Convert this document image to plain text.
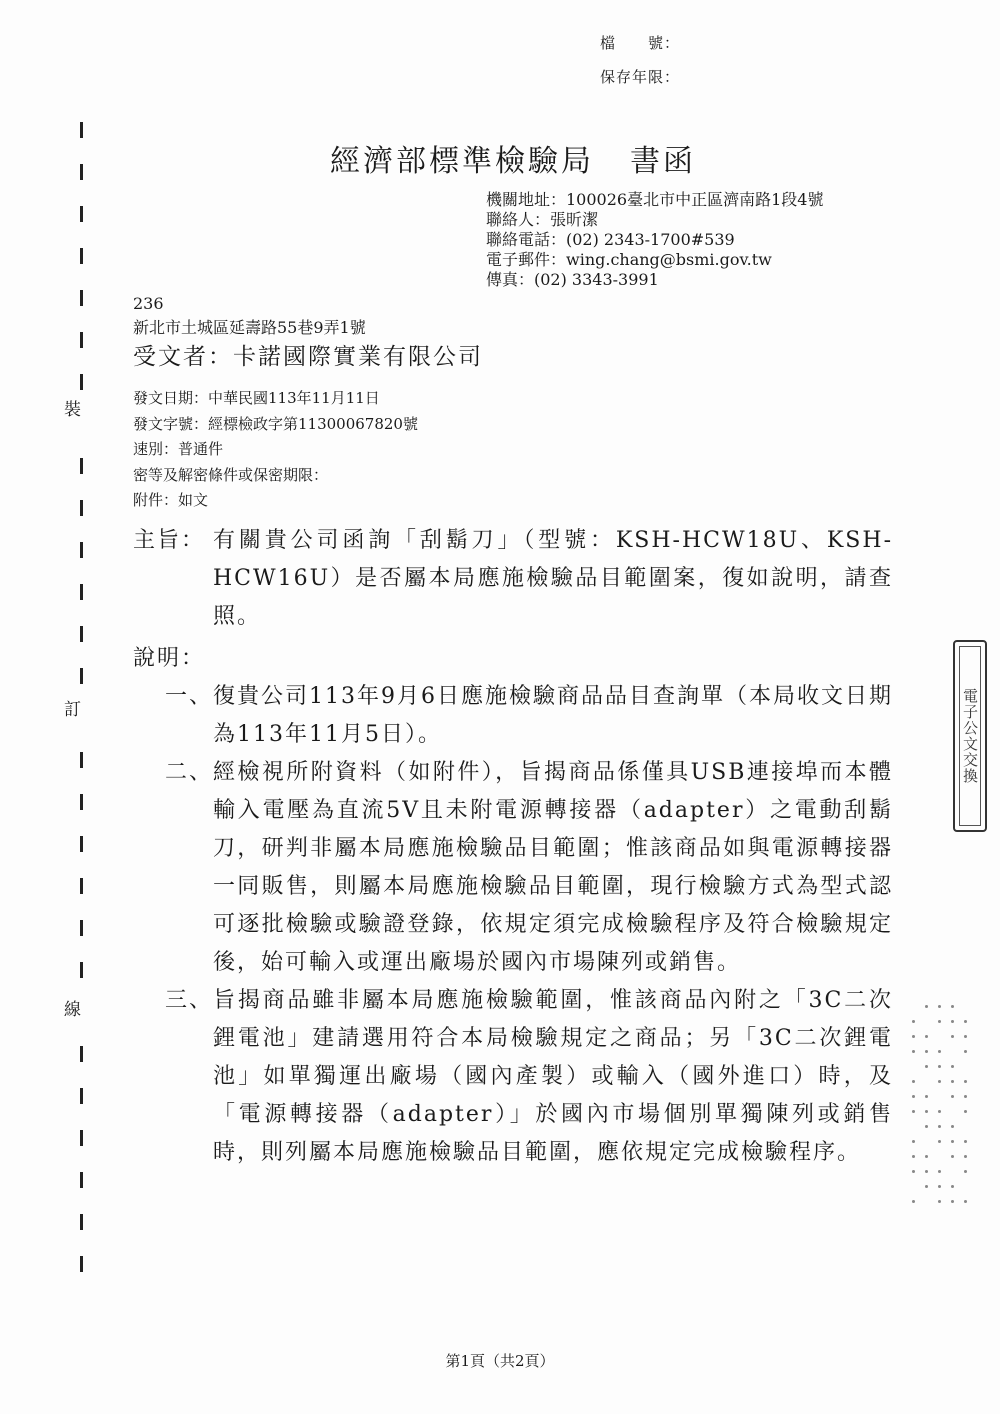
檔　　號：
保存年限：
裝
訂
線
經濟部標準檢驗局 書函
機關地址：100026臺北市中正區濟南路1段4號
聯絡人：張昕潔
聯絡電話：(02) 2343-1700#539
電子郵件：wing.chang@bsmi.gov.tw
傳真：(02) 3343-3991
236
新北市土城區延壽路55巷9弄1號
受文者：卡諾國際實業有限公司
發文日期：中華民國113年11月11日
發文字號：經標檢政字第11300067820號
速別：普通件
密等及解密條件或保密期限：
附件：如文
主旨： 有關貴公司函詢「刮鬍刀」（型號：KSH-HCW18U、KSH-HCW16U）是否屬本局應施檢驗品目範圍案，復如說明，請查照。
說明：
一、 復貴公司113年9月6日應施檢驗商品品目查詢單（本局收文日期為113年11月5日）。
二、 經檢視所附資料（如附件），旨揭商品係僅具USB連接埠而本體輸入電壓為直流5V且未附電源轉接器（adapter）之電動刮鬍刀，研判非屬本局應施檢驗品目範圍；惟該商品如與電源轉接器一同販售，則屬本局應施檢驗品目範圍，現行檢驗方式為型式認可逐批檢驗或驗證登錄，依規定須完成檢驗程序及符合檢驗規定後，始可輸入或運出廠場於國內市場陳列或銷售。
三、 旨揭商品雖非屬本局應施檢驗範圍，惟該商品內附之「3C二次鋰電池」建請選用符合本局檢驗規定之商品；另「3C二次鋰電池」如單獨運出廠場（國內產製）或輸入（國外進口）時，及「電源轉接器（adapter）」於國內市場個別單獨陳列或銷售時，則列屬本局應施檢驗品目範圍，應依規定完成檢驗程序。
電子公文交換
第1頁（共2頁）
